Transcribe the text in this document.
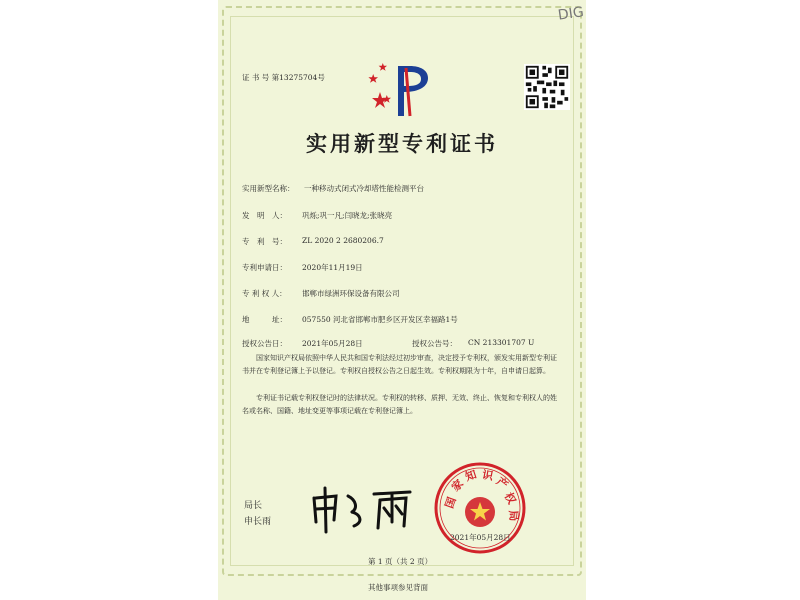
DIG
证 书 号 第13275704号
实用新型专利证书
实用新型名称： 一种移动式闭式冷却塔性能检测平台
发　明　人： 巩烁;巩一凡;闫晓龙;张晓亮
专　利　号： ZL 2020 2 2680206.7
专利申请日： 2020年11月19日
专 利 权 人： 邯郸市绿洲环保设备有限公司
地　　　址： 057550 河北省邯郸市肥乡区开发区幸福路1号
授权公告日： 2021年05月28日	授权公告号： CN 213301707 U
国家知识产权局依照中华人民共和国专利法经过初步审查，决定授予专利权，颁发实用新型专利证书并在专利登记簿上予以登记。专利权自授权公告之日起生效。专利权期限为十年，自申请日起算。
专利证书记载专利权登记时的法律状况。专利权的转移、质押、无效、终止、恢复和专利权人的姓名或名称、国籍、地址变更等事项记载在专利登记簿上。
局长
申长雨
国
家
知 识 产
权
局
2021年05月28日
第 1 页（共 2 页）
其他事项参见背面
